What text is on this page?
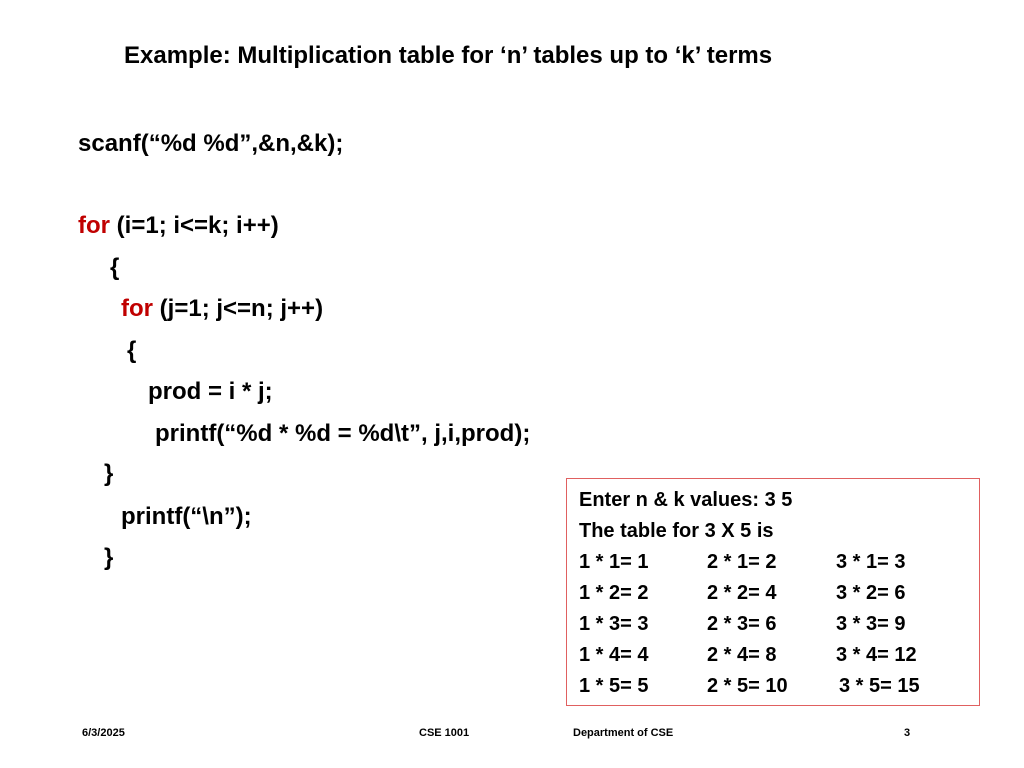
Example: Multiplication table for ‘n’ tables up to ‘k’ terms
scanf(“%d %d”,&n,&k);
for (i=1; i<=k; i++)
{
for (j=1; j<=n; j++)
{
prod = i * j;
printf(“%d * %d = %d\t”, j,i,prod);
}
printf(“\n”);
}
Enter n & k values: 3 5
The table for 3 X 5 is
1 * 1= 1	2 * 1= 2	3 * 1= 3
1 * 2= 2	2 * 2= 4	3 * 2= 6
1 * 3= 3	2 * 3= 6	3 * 3= 9
1 * 4= 4	2 * 4= 8	3 * 4= 12
1 * 5= 5	2 * 5= 10	3 * 5= 15
6/3/2025	CSE 1001	Department of CSE	3
